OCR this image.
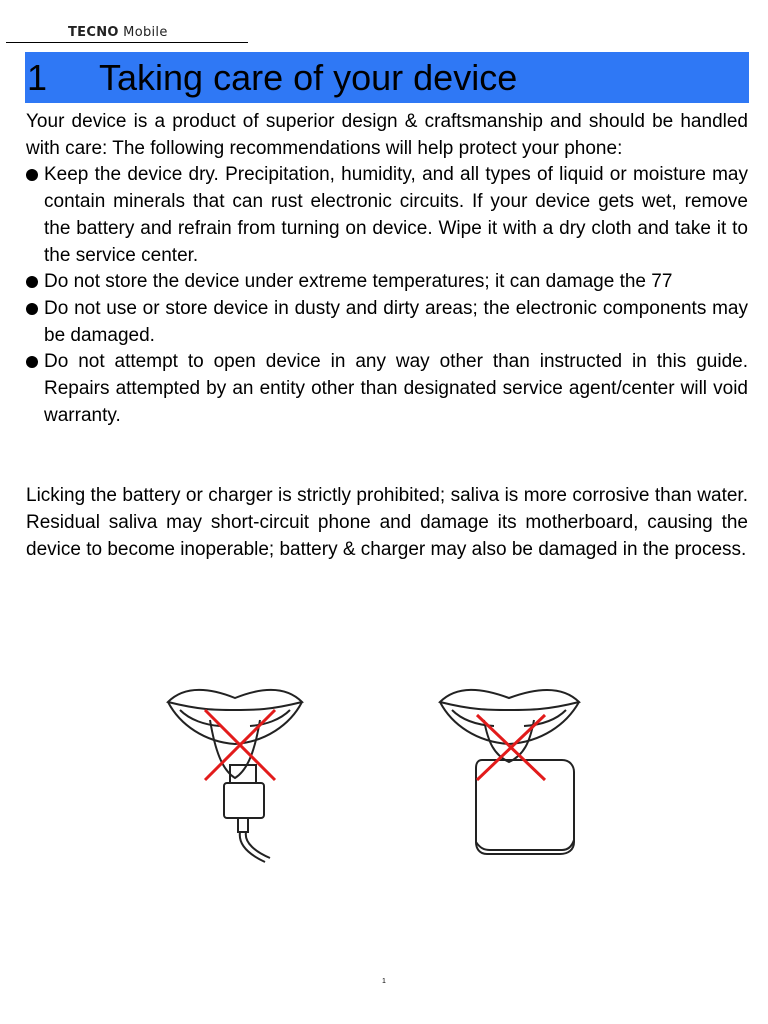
TECNO Mobile
1	Taking care of your device

Your device is a product of superior design & craftsmanship and should be handled with care: The following recommendations will help protect your phone:

Keep the device dry. Precipitation, humidity, and all types of liquid or moisture may contain minerals that can rust electronic circuits. If your device gets wet, remove the battery and refrain from turning on device. Wipe it with a dry cloth and take it to the service center.
Do not store the device under extreme temperatures; it can damage the 77
Do not use or store device in dusty and dirty areas; the electronic components may be damaged.
Do not attempt to open device in any way other than instructed in this guide. Repairs attempted by an entity other than designated service agent/center will void warranty.

Licking the battery or charger is strictly prohibited; saliva is more corrosive than water. Residual saliva may short-circuit phone and damage its motherboard, causing the device to become inoperable; battery & charger may also be damaged in the process.

1
